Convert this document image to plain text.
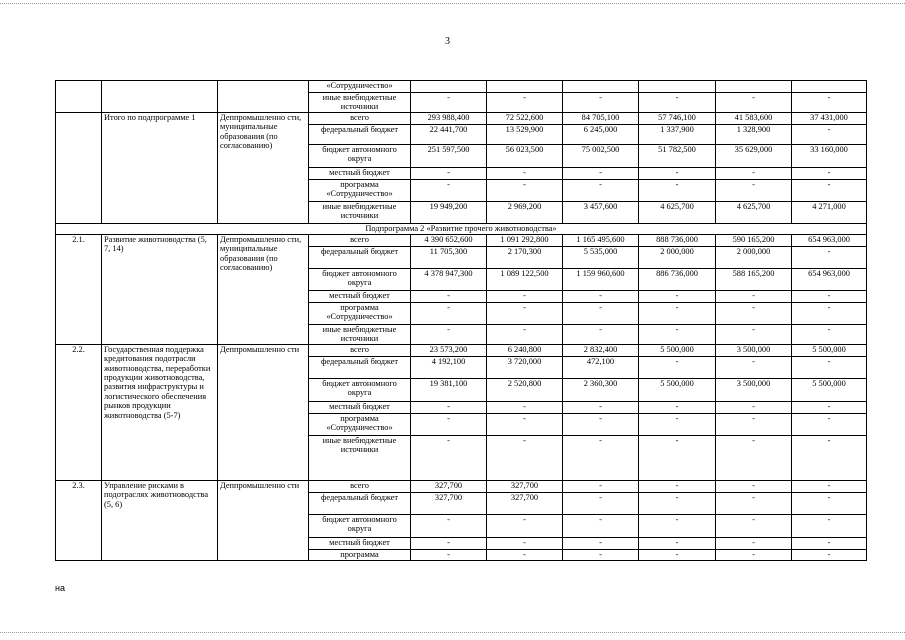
3
			«Сотрудничество»						
			иные внебюджетные источники	-	-	-	-	-	-
	Итого по подпрограмме 1	Деппромышленно сти, муниципальные образования (по согласованию)	всего	293 988,400	72 522,600	84 705,100	57 746,100	41 583,600	37 431,000
			федеральный бюджет	22 441,700	13 529,900	6 245,000	1 337,900	1 328,900	-
			бюджет автономного округа	251 597,500	56 023,500	75 002,500	51 782,500	35 629,000	33 160,000
			местный бюджет	-	-	-	-	-	-
			программа «Сотрудничество»	-	-	-	-	-	-
			иные внебюджетные источники	19 949,200	2 969,200	3 457,600	4 625,700	4 625,700	4 271,000
Подпрограмма 2 «Развитие прочего животноводства»									
2.1.	Развитие животноводства (5, 7, 14)	Деппромышленно сти, муниципальные образования (по согласованию)	всего	4 390 652,600	1 091 292,800	1 165 495,600	888 736,000	590 165,200	654 963,000
			федеральный бюджет	11 705,300	2 170,300	5 535,000	2 000,000	2 000,000	-
			бюджет автономного округа	4 378 947,300	1 089 122,500	1 159 960,600	886 736,000	588 165,200	654 963,000
			местный бюджет	-	-	-	-	-	-
			программа «Сотрудничество»	-	-	-	-	-	-
			иные внебюджетные источники	-	-	-	-	-	-
2.2.	Государственная поддержка кредитования подотрасли животноводства, переработки продукции животноводства, развития инфраструктуры и логистического обеспечения рынков продукции животноводства (5-7)	Деппромышленно сти	всего	23 573,200	6 240,800	2 832,400	5 500,000	3 500,000	5 500,000
			федеральный бюджет	4 192,100	3 720,000	472,100	-	-	-
			бюджет автономного округа	19 381,100	2 520,800	2 360,300	5 500,000	3 500,000	5 500,000
			местный бюджет	-	-	-	-	-	-
			программа «Сотрудничество»	-	-	-	-	-	-
			иные внебюджетные источники	-	-	-	-	-	-
2.3.	Управление рисками в подотраслях животноводства (5, 6)	Деппромышленно сти	всего	327,700	327,700	-	-	-	-
			федеральный бюджет	327,700	327,700	-	-	-	-
			бюджет автономного округа	-	-	-	-	-	-
			местный бюджет	-	-	-	-	-	-
			программа	-	-	-	-	-	-
на
